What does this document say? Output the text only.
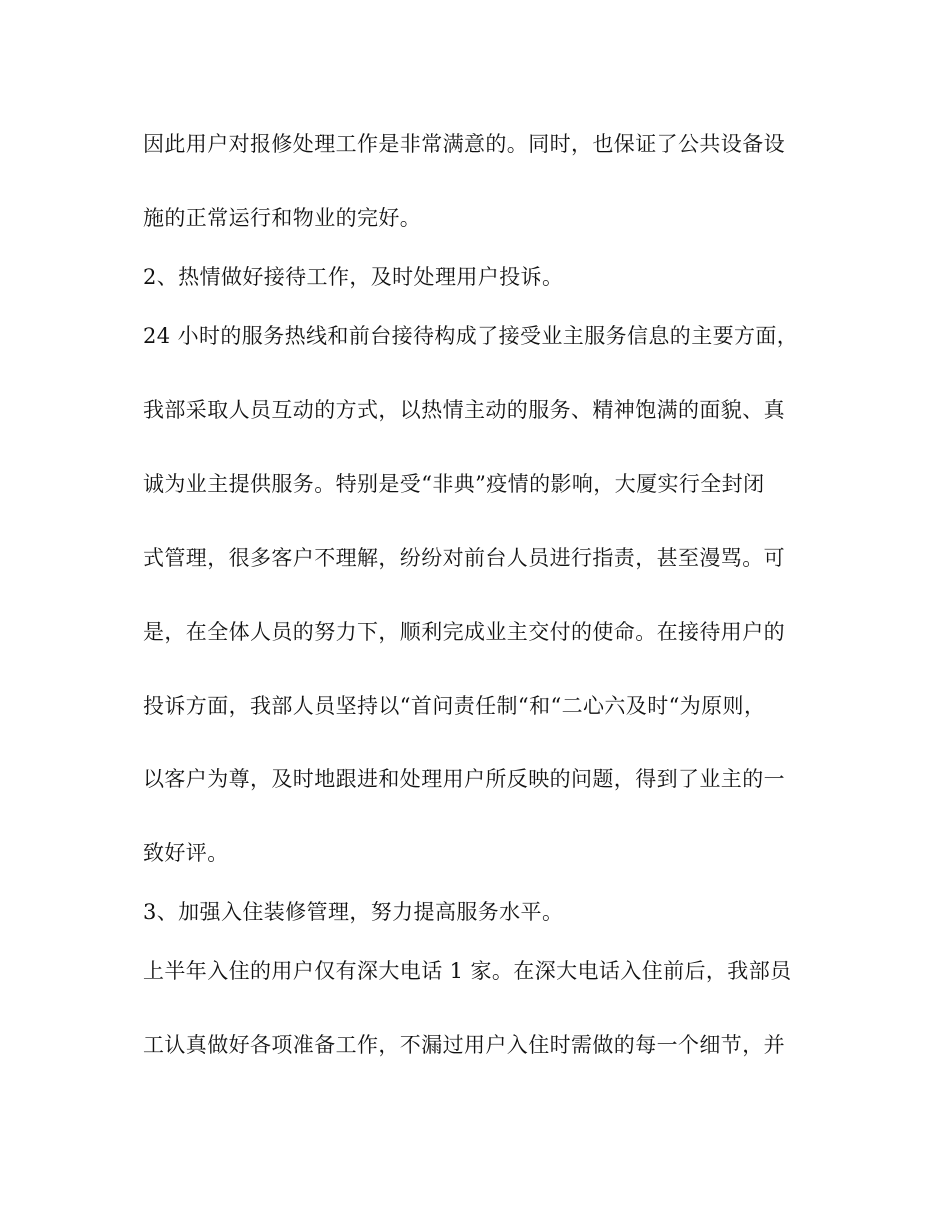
因此用户对报修处理工作是非常满意的。同时，也保证了公共设备设
施的正常运行和物业的完好。
2、热情做好接待工作，及时处理用户投诉。
24 小时的服务热线和前台接待构成了接受业主服务信息的主要方面，
我部采取人员互动的方式，以热情主动的服务、精神饱满的面貌、真
诚为业主提供服务。特别是受“非典”疫情的影响，大厦实行全封闭
式管理，很多客户不理解，纷纷对前台人员进行指责，甚至漫骂。可
是，在全体人员的努力下，顺利完成业主交付的使命。在接待用户的
投诉方面，我部人员坚持以“首问责任制“和“二心六及时“为原则，
以客户为尊，及时地跟进和处理用户所反映的问题，得到了业主的一
致好评。
3、加强入住装修管理，努力提高服务水平。
上半年入住的用户仅有深大电话 1 家。在深大电话入住前后，我部员
工认真做好各项准备工作，不漏过用户入住时需做的每一个细节，并
